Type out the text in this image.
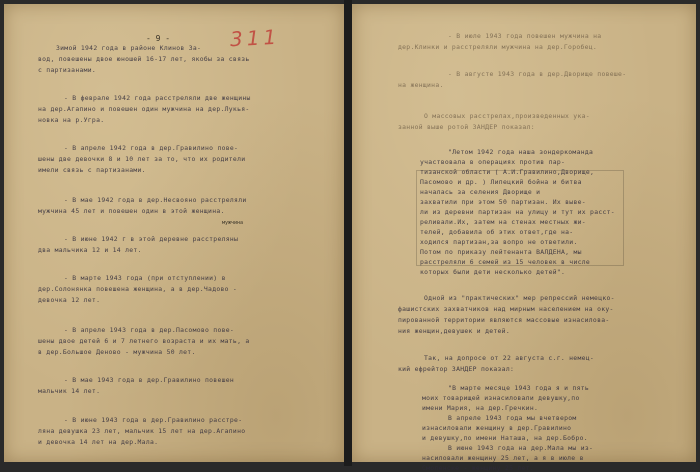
- 9 -	311
мужчина
Зимой 1942 года в районе Клинов За-
вод, повешены двое юношей 16-17 лет, якобы за связь
с партизанами.
- В феврале 1942 года расстреляли две женщины
на дер.Агапино и повешен один мужчина на дер.Лукья-
новка на р.Угра.
- В апреле 1942 года в дер.Гравилино пове-
шены две девочки 8 и 10 лет за то, что их родители
имели связь с партизанами.
- В мае 1942 года в дер.Несвояно расстреляли
мужчина 45 лет и повешен один в этой женщина.
- В июне 1942 г в этой деревне расстреляны
два мальчика 12 и 14 лет.
- В марте 1943 года (при отступлении) в
дер.Солонянка повешена женщина, а в дер.Чадово -
девочка 12 лет.
- В апреле 1943 года в дер.Пасомово пове-
шены двое детей 6 и 7 летнего возраста и их мать, а
в дер.Большое Деново - мужчина 50 лет.
- В мае 1943 года в дер.Гравилино повешен
мальчик 14 лет.
- В июне 1943 года в дер.Гравилино расстре-
ляна девушка 23 лет, мальчик 15 лет на дер.Агапино
и девочка 14 лет на дер.Мала.
- В июле 1943 года повешен мужчина на
дер.Клинки и расстреляли мужчина на дер.Горобец.
- В августе 1943 года в дер.Дворище повеше-
на женщина.
О массовых расстрелах,произведенных ука-
занной выше ротой ЗАНДЕР показал:
"Летом 1942 года наша зондеркоманда
участвовала в операциях против пар-
тизанской области ( А.И.Гравилино,Дворище,
Пасомово и др. ) Липецкий бойна и битва
началась за селения Дворище и
захватили при этом 50 партизан. Их выве-
ли из деревни партизан на улицу и тут их расст-
реливали.Их, затем на стенах местных жи-
телей, добавила об этих ответ,где на-
ходился партизан,за вопро не ответили.
Потом по приказу лейтенанта ВАЛДЕНА, мы
расстреляли 6 семей из 15 человек в числе
которых были дети несколько детей".
Одной из "практических" мер репрессий немецко-
фашистских захватчиков над мирным населением на оку-
пированной территории являются массовые изнасилова-
ния женщин,девушек и детей.
Так, на допросе от 22 августа с.г. немец-
кий ефрейтор ЗАНДЕР показал:
"В марте месяце 1943 года я и пять
моих товарищей изнасиловали девушку,по
имени Мария, на дер.Гречкин.
В апреле 1943 года мы вчетвером
изнасиловали женщину в дер.Гравилино
и девушку,по имени Наташа, на дер.Бобро.
В июне 1943 года на дер.Мала мы из-
насиловали женщину 25 лет, а я в июле в
Смоленске - женщину 25 лет.
